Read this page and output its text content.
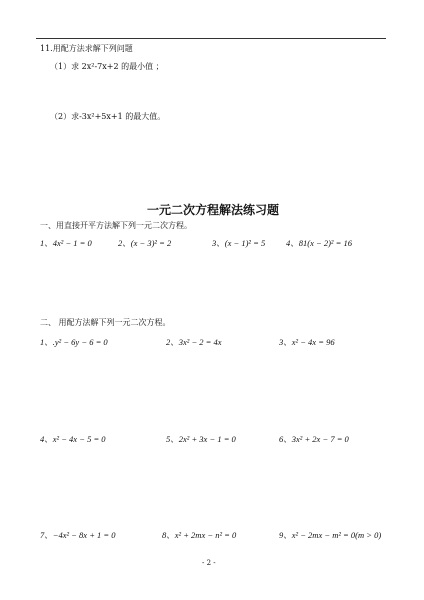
11.用配方法求解下列问题
（1）求 2x²-7x+2 的最小值 ；
（2）求-3x²+5x+1 的最大值。
一元二次方程解法练习题
一、用直接开平方法解下列一元二次方程。
1、4x² − 1 = 0	2、(x − 3)² = 2	3、(x − 1)² = 5 4、81(x − 2)² = 16
二、 用配方法解下列一元二次方程。
1、.y² − 6y − 6 = 0	2、3x² − 2 = 4x	3、x² − 4x = 96
4、x² − 4x − 5 = 0	5、2x² + 3x − 1 = 0	6、3x² + 2x − 7 = 0
7、−4x² − 8x + 1 = 0	8、x² + 2mx − n² = 0	9、x² − 2mx − m² = 0(m > 0)
- 2 -
